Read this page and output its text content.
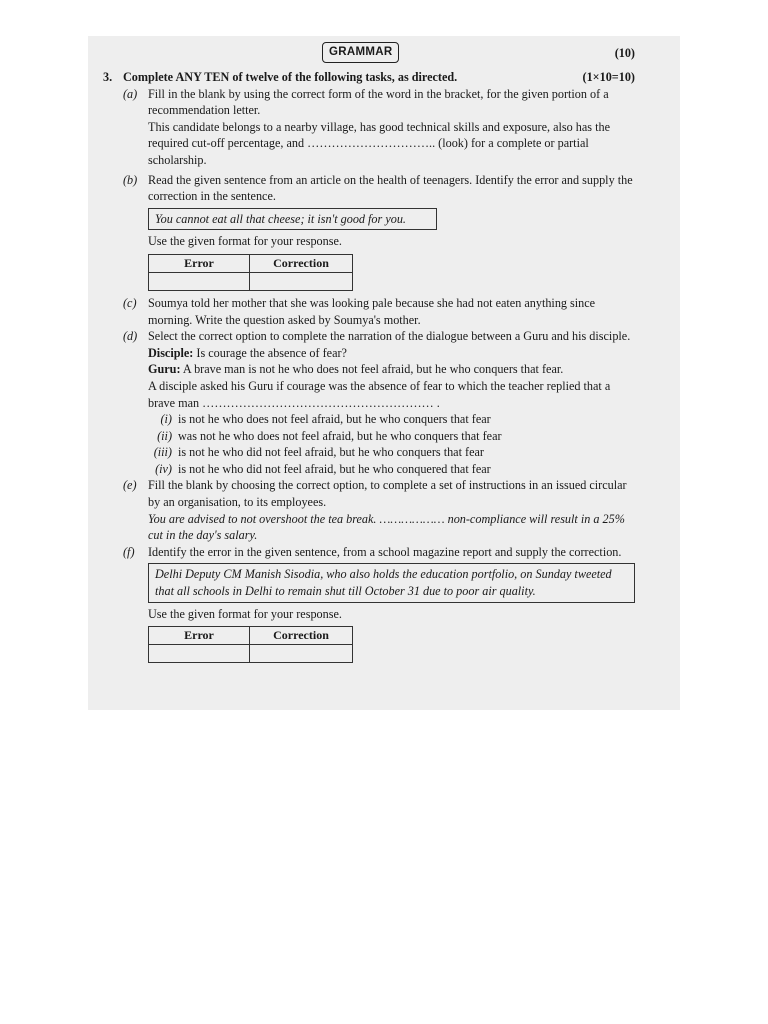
GRAMMAR	(10)
3. Complete ANY TEN of twelve of the following tasks, as directed.	(1×10=10)
(a) Fill in the blank by using the correct form of the word in the bracket, for the given portion of a recommendation letter.
This candidate belongs to a nearby village, has good technical skills and exposure, also has the required cut-off percentage, and ………………………….. (look) for a complete or partial scholarship.
(b) Read the given sentence from an article on the health of teenagers. Identify the error and supply the correction in the sentence.
You cannot eat all that cheese; it isn't good for you.
Use the given format for your response.
Error	Correction

(c) Soumya told her mother that she was looking pale because she had not eaten anything since morning. Write the question asked by Soumya's mother.
(d) Select the correct option to complete the narration of the dialogue between a Guru and his disciple.
Disciple: Is courage the absence of fear?
Guru: A brave man is not he who does not feel afraid, but he who conquers that fear.
A disciple asked his Guru if courage was the absence of fear to which the teacher replied that a brave man ………………………………………………… .
(i) is not he who does not feel afraid, but he who conquers that fear
(ii) was not he who does not feel afraid, but he who conquers that fear
(iii) is not he who did not feel afraid, but he who conquers that fear
(iv) is not he who did not feel afraid, but he who conquered that fear
(e) Fill the blank by choosing the correct option, to complete a set of instructions in an issued circular by an organisation, to its employees.
You are advised to not overshoot the tea break. ……………… non-compliance will result in a 25% cut in the day's salary.
(f) Identify the error in the given sentence, from a school magazine report and supply the correction.
Delhi Deputy CM Manish Sisodia, who also holds the education portfolio, on Sunday tweeted that all schools in Delhi to remain shut till October 31 due to poor air quality.
Use the given format for your response.
Error	Correction
